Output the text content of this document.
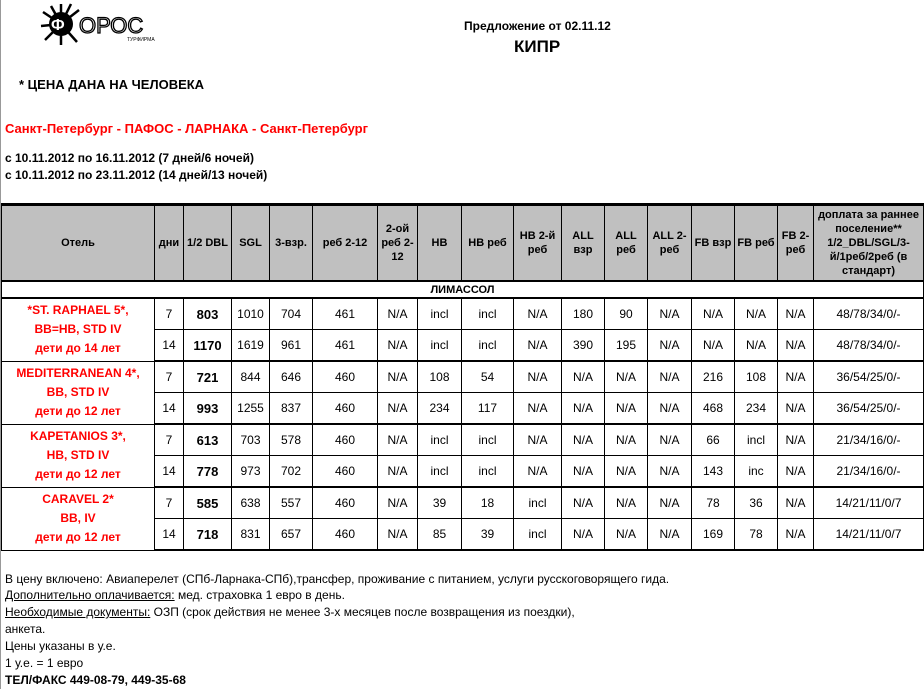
Ф ОРОС
ТУРФИРМА
Предложение от 02.11.12
КИПР
* ЦЕНА ДАНА НА ЧЕЛОВЕКА
Санкт-Петербург - ПАФОС - ЛАРНАКА - Санкт-Петербург
с 10.11.2012 по 16.11.2012 (7 дней/6 ночей)
с 10.11.2012 по 23.11.2012 (14 дней/13 ночей)
Отель	дни	1/2 DBL	SGL	3-взр.	реб 2-12	2-ой реб 2-12	HB	HB реб	HB 2-й реб	ALL взр	ALL реб	ALL 2-реб	FB взр	FB реб	FB 2-реб	доплата за раннее поселение** 1/2_DBL/SGL/3-й/1реб/2реб (в стандарт)
ЛИМАССОЛ																

*ST. RAPHAEL 5*,
BB=HB, STD IV
дети до 14 лет	7	803	1010	704	461	N/A	incl	incl	N/A	180	90	N/A	N/A	N/A	N/A	48/78/34/0/-
	14	1170	1619	961	461	N/A	incl	incl	N/A	390	195	N/A	N/A	N/A	N/A	48/78/34/0/-

MEDITERRANEAN 4*,
BB, STD IV
дети до 12 лет	7	721	844	646	460	N/A	108	54	N/A	N/A	N/A	N/A	216	108	N/A	36/54/25/0/-
	14	993	1255	837	460	N/A	234	117	N/A	N/A	N/A	N/A	468	234	N/A	36/54/25/0/-

KAPETANIOS 3*,
HB, STD IV
дети до 12 лет	7	613	703	578	460	N/A	incl	incl	N/A	N/A	N/A	N/A	66	incl	N/A	21/34/16/0/-
	14	778	973	702	460	N/A	incl	incl	N/A	N/A	N/A	N/A	143	inc	N/A	21/34/16/0/-

CARAVEL 2*
BB, IV
дети до 12 лет	7	585	638	557	460	N/A	39	18	incl	N/A	N/A	N/A	78	36	N/A	14/21/11/0/7
	14	718	831	657	460	N/A	85	39	incl	N/A	N/A	N/A	169	78	N/A	14/21/11/0/7
В цену включено: Авиаперелет (СПб-Ларнака-СПб),трансфер, проживание с питанием, услуги русскоговорящего гида.
Дополнительно оплачивается: мед. страховка 1 евро в день.
Необходимые документы: ОЗП (срок действия не менее 3-х месяцев после возвращения из поездки),
анкета.
Цены указаны в у.е.
1 у.е. = 1 евро
ТЕЛ/ФАКС 449-08-79, 449-35-68
